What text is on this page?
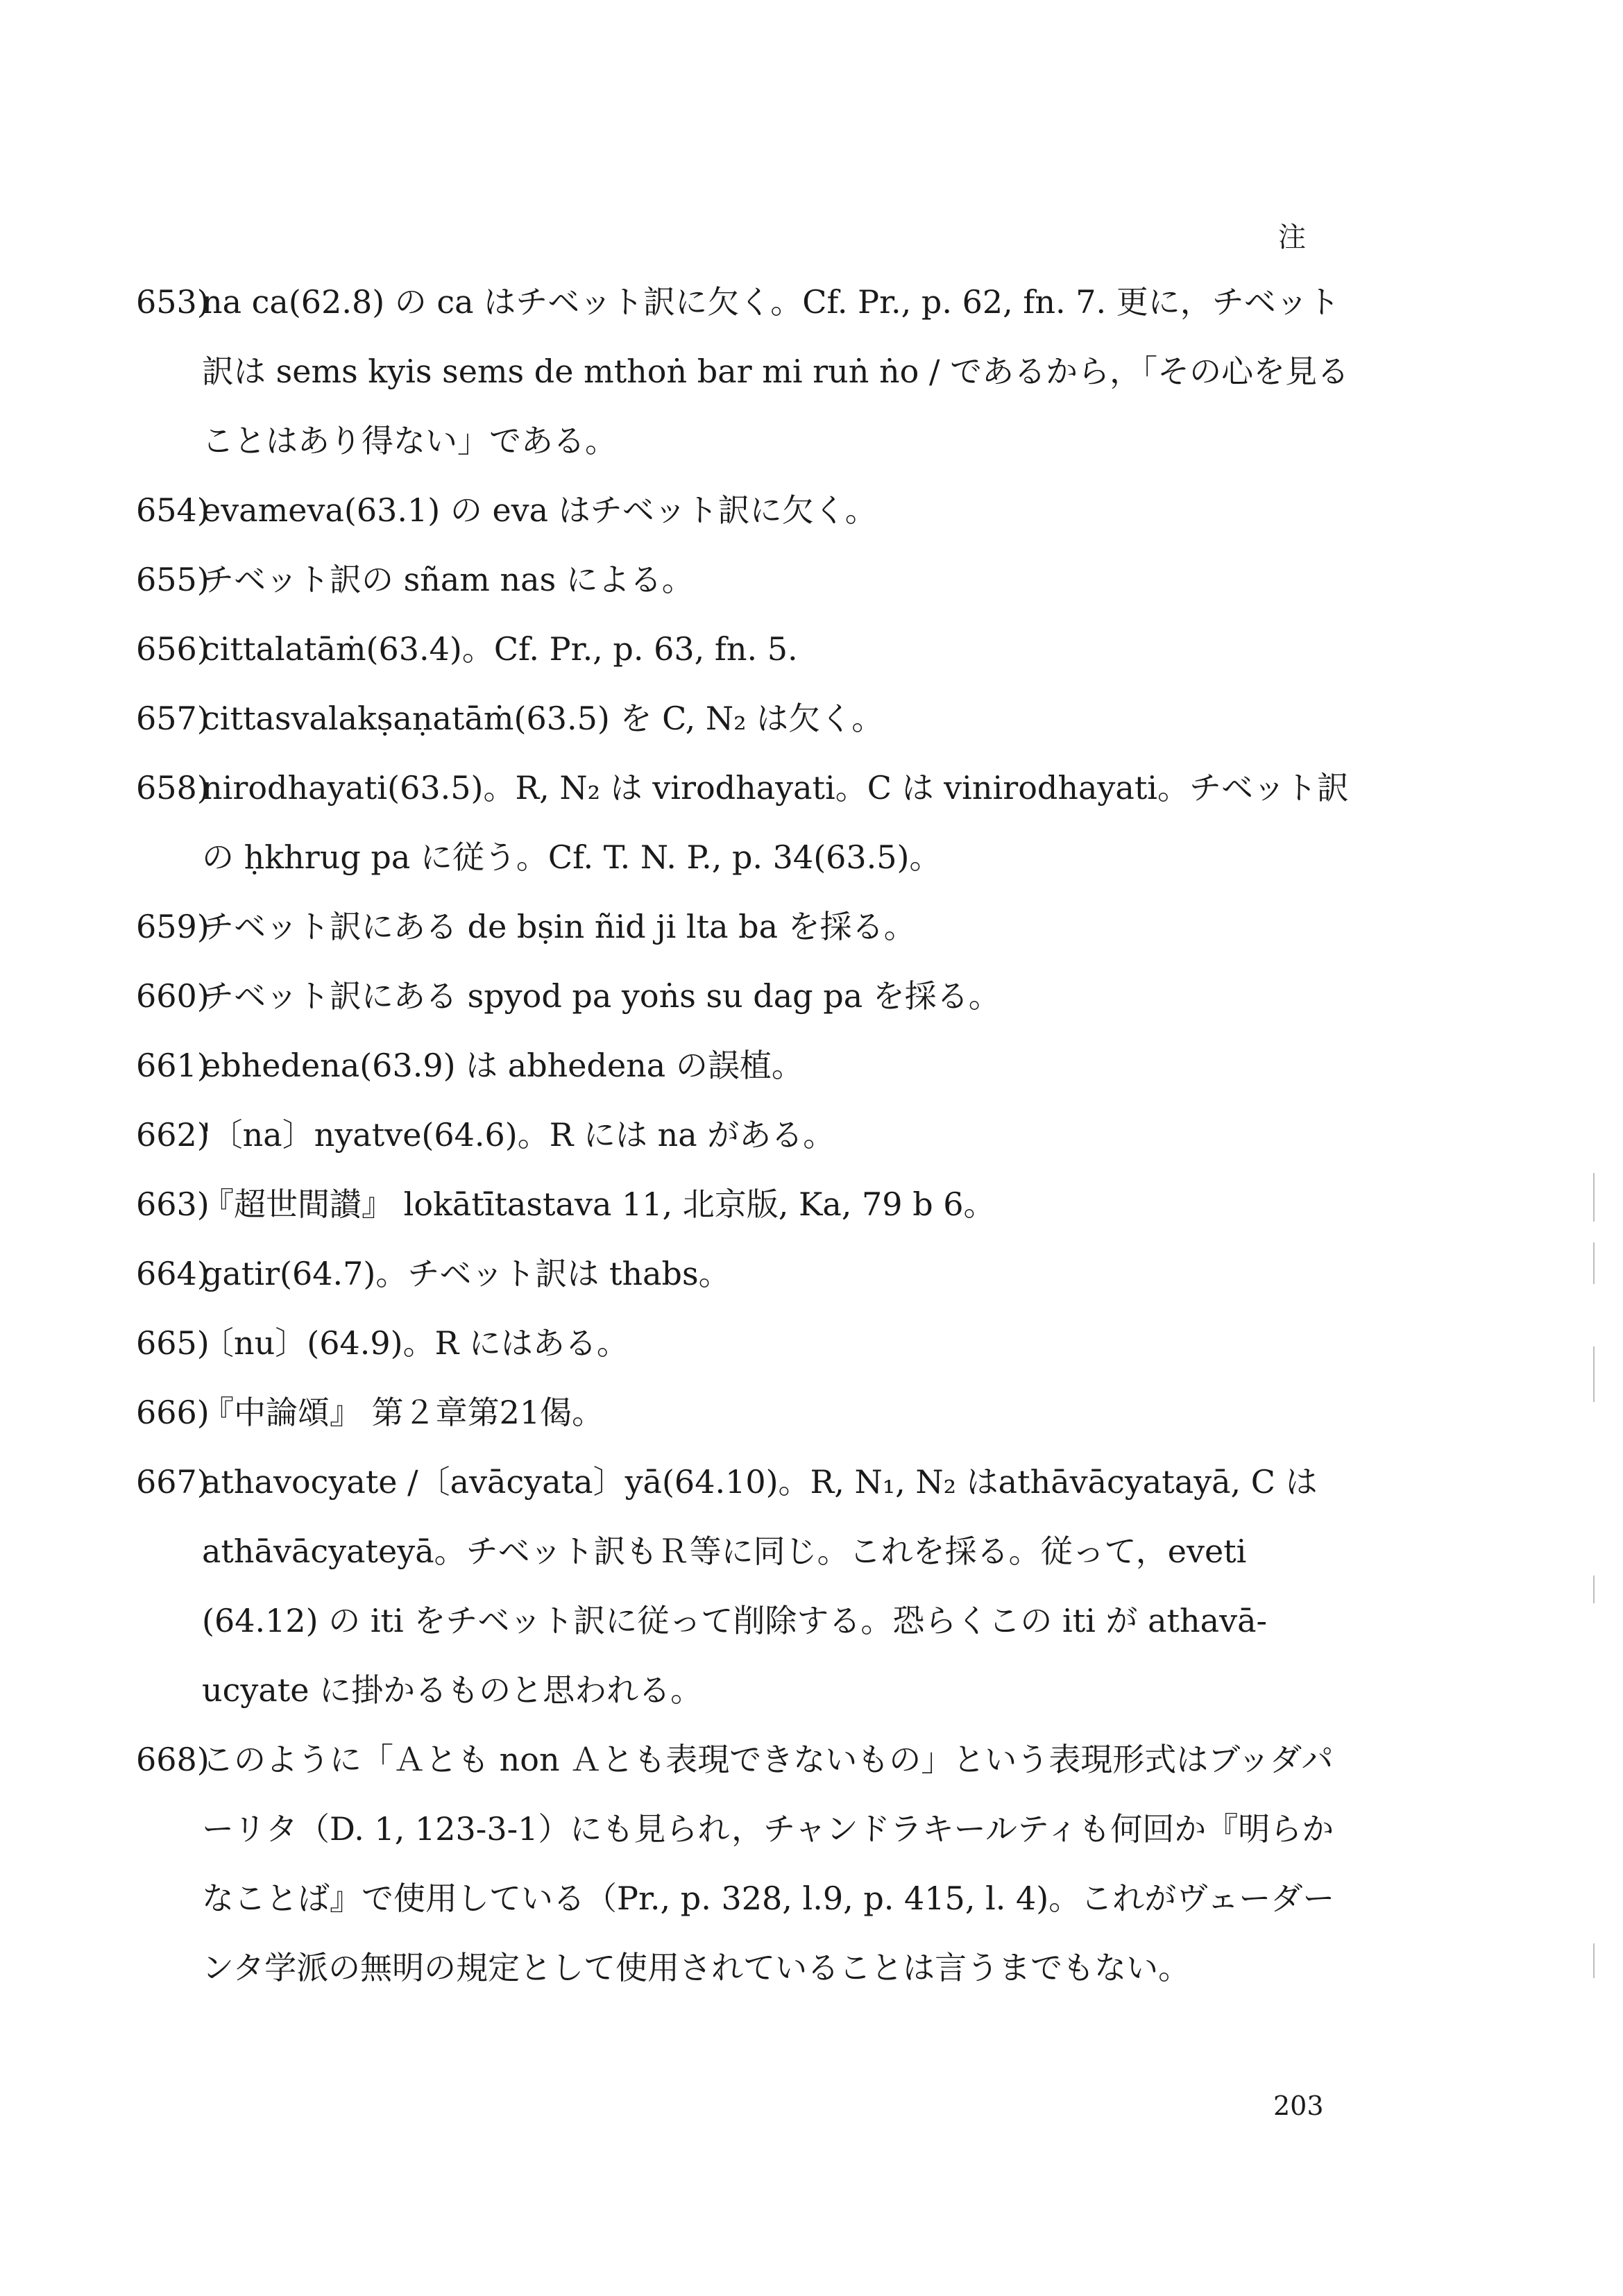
注
653)
na ca(62.8) の ca はチベット訳に欠く。Cf. Pr., p. 62, fn. 7. 更に，チベット訳は sems kyis sems de mthoṅ bar mi ruṅ ṅo / であるから，「その心を見ることはあり得ない」である。
654)
evameva(63.1) の eva はチベット訳に欠く。
655)
チベット訳の sñam nas による。
656)
cittalatāṁ(63.4)。Cf. Pr., p. 63, fn. 5.
657)
cittasvalakṣaṇatāṁ(63.5) を C, N₂ は欠く。
658)
nirodhayati(63.5)。R, N₂ は virodhayati。C は vinirodhayati。チベット訳の ḥkhrug pa に従う。Cf. T. N. P., p. 34(63.5)。
659)
チベット訳にある de bṣin ñid ji lta ba を採る。
660)
チベット訳にある spyod pa yoṅs su dag pa を採る。
661)
ebhedena(63.9) は abhedena の誤植。
662)
'〔na〕nyatve(64.6)。R には na がある。
663)
『超世間讃』 lokātītastava 11, 北京版, Ka, 79 b 6。
664)
gatir(64.7)。チベット訳は thabs。
665)
〔nu〕(64.9)。R にはある。
666)
『中論頌』 第２章第21偈。
667)
athavocyate /〔avācyata〕yā(64.10)。R, N₁, N₂ はathāvācyatayā, C は athāvācyateyā。チベット訳もＲ等に同じ。これを採る。従って，eveti (64.12) の iti をチベット訳に従って削除する。恐らくこの iti が athavā-ucyate に掛かるものと思われる。
668)
このように「Ａとも non Ａとも表現できないもの」という表現形式はブッダパーリタ（D. 1, 123-3-1）にも見られ，チャンドラキールティも何回か『明らかなことば』で使用している（Pr., p. 328, l.9, p. 415, l. 4)。これがヴェーダーンタ学派の無明の規定として使用されていることは言うまでもない。
203
